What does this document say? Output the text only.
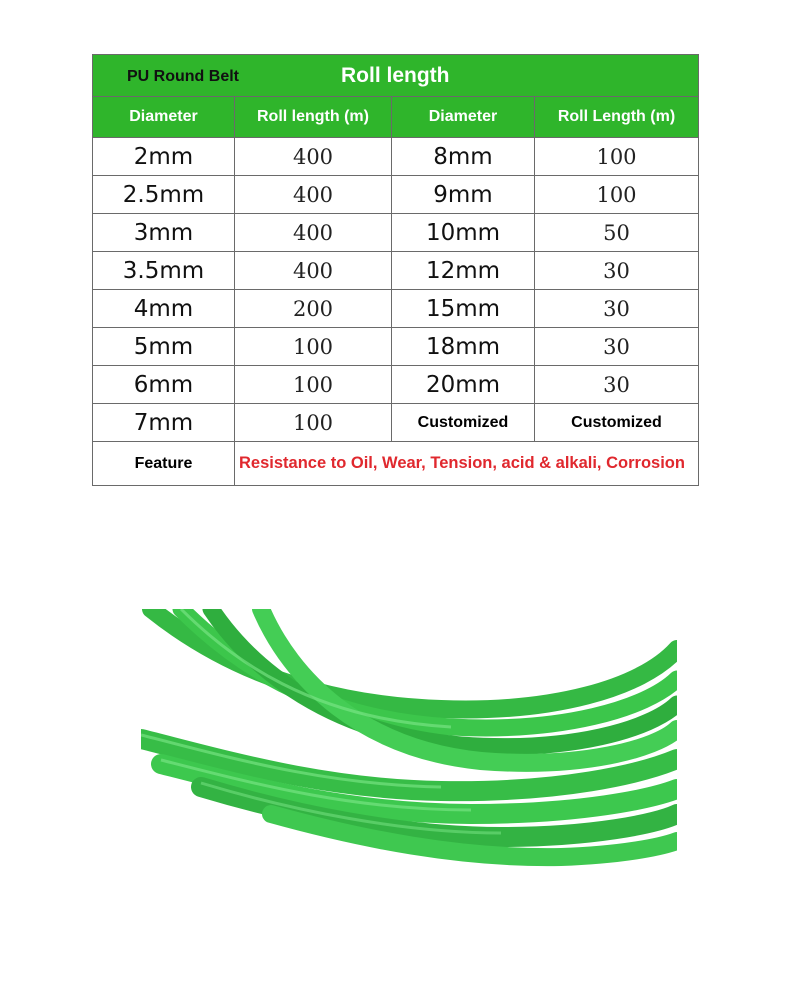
PU Round Belt Roll length			

Diameter	Roll length (m)	Diameter	Roll Length (m)
2mm	400	8mm	100
2.5mm	400	9mm	100
3mm	400	10mm	50
3.5mm	400	12mm	30
4mm	200	15mm	30
5mm	100	18mm	30
6mm	100	20mm	30
7mm	100	Customized	Customized
Feature	Resistance to Oil, Wear, Tension, acid & alkali, Corrosion		
